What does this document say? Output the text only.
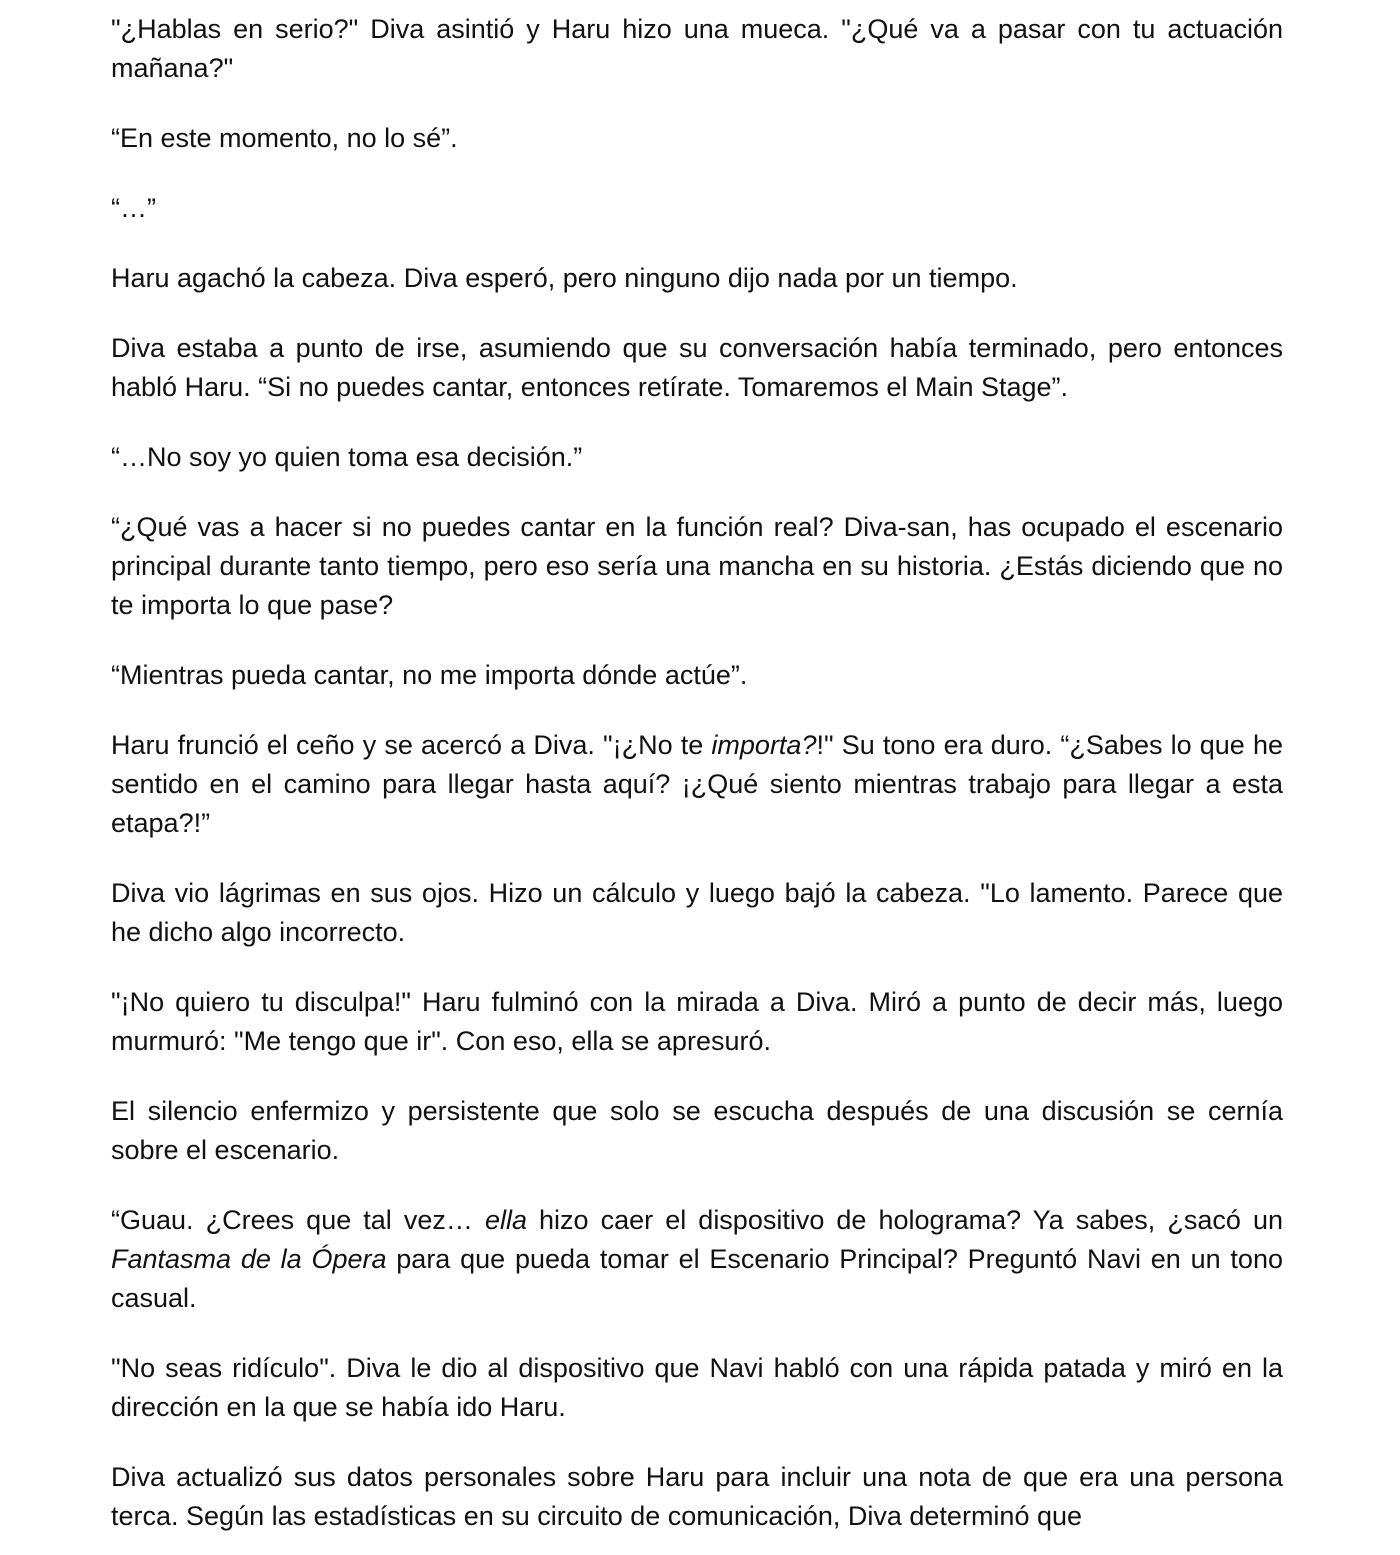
"¿Hablas en serio?" Diva asintió y Haru hizo una mueca. "¿Qué va a pasar con tu actuación mañana?"

“En este momento, no lo sé”.

“…”

Haru agachó la cabeza. Diva esperó, pero ninguno dijo nada por un tiempo.

Diva estaba a punto de irse, asumiendo que su conversación había terminado, pero entonces habló Haru. “Si no puedes cantar, entonces retírate. Tomaremos el Main Stage”.

“…No soy yo quien toma esa decisión.”

“¿Qué vas a hacer si no puedes cantar en la función real? Diva-san, has ocupado el escenario principal durante tanto tiempo, pero eso sería una mancha en su historia. ¿Estás diciendo que no te importa lo que pase?

“Mientras pueda cantar, no me importa dónde actúe”.

Haru frunció el ceño y se acercó a Diva. "¡¿No te importa?!" Su tono era duro. “¿Sabes lo que he sentido en el camino para llegar hasta aquí? ¡¿Qué siento mientras trabajo para llegar a esta etapa?!”

Diva vio lágrimas en sus ojos. Hizo un cálculo y luego bajó la cabeza. "Lo lamento. Parece que he dicho algo incorrecto.

"¡No quiero tu disculpa!" Haru fulminó con la mirada a Diva. Miró a punto de decir más, luego murmuró: "Me tengo que ir". Con eso, ella se apresuró.

El silencio enfermizo y persistente que solo se escucha después de una discusión se cernía sobre el escenario.

“Guau. ¿Crees que tal vez… ella hizo caer el dispositivo de holograma? Ya sabes, ¿sacó un Fantasma de la Ópera para que pueda tomar el Escenario Principal? Preguntó Navi en un tono casual.

"No seas ridículo". Diva le dio al dispositivo que Navi habló con una rápida patada y miró en la dirección en la que se había ido Haru.

Diva actualizó sus datos personales sobre Haru para incluir una nota de que era una persona terca. Según las estadísticas en su circuito de comunicación, Diva determinó que
